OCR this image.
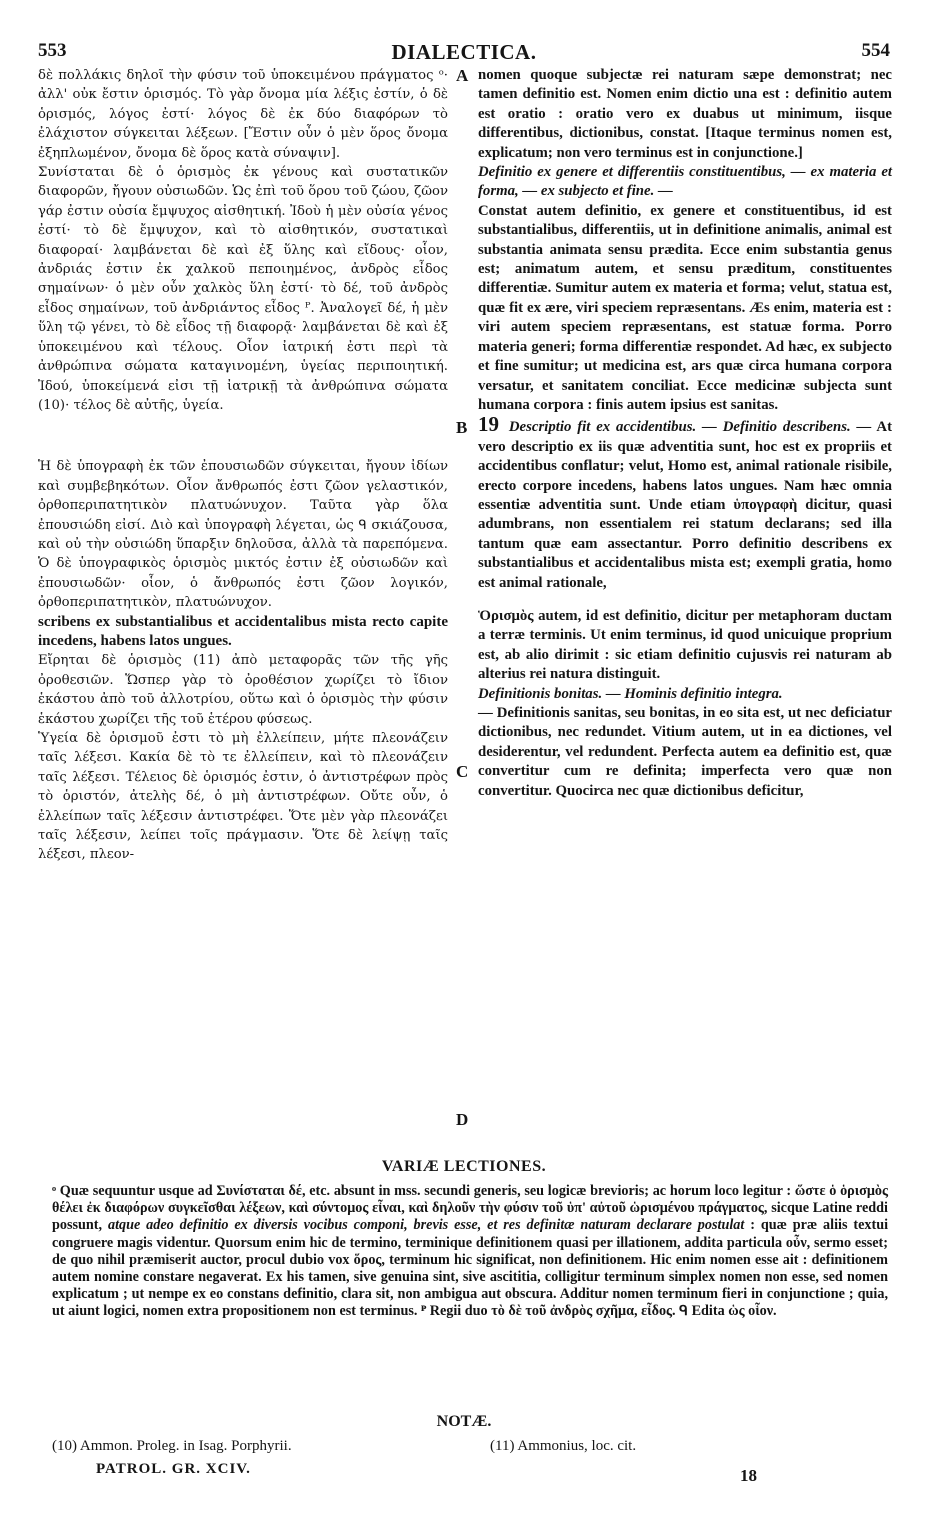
553	DIALECTICA.	554

δὲ πολλάκις δηλοῖ τὴν φύσιν τοῦ ὑποκειμένου πράγματος ᵒ· ἀλλ' οὐκ ἔστιν ὁρισμός. Τὸ γὰρ ὄνομα μία λέξις ἐστίν, ὁ δὲ ὁρισμός, λόγος ἐστί· λόγος δὲ ἐκ δύο διαφόρων τὸ ἐλάχιστον σύγκειται λέξεων. [Ἔστιν οὖν ὁ μὲν ὅρος ὄνομα ἐξηπλωμένον, ὄνομα δὲ ὅρος κατὰ σύναψιν].

Συνίσταται δὲ ὁ ὁρισμὸς ἐκ γένους καὶ συστατικῶν διαφορῶν, ἤγουν οὐσιωδῶν. Ὡς ἐπὶ τοῦ ὅρου τοῦ ζώου, ζῶον γάρ ἐστιν οὐσία ἔμψυχος αἰσθητική. Ἰδοὺ ἡ μὲν οὐσία γένος ἐστί· τὸ δὲ ἔμψυχον, καὶ τὸ αἰσθητικόν, συστατικαὶ διαφοραί· λαμβάνεται δὲ καὶ ἐξ ὕλης καὶ εἴδους· οἷον, ἀνδριάς ἐστιν ἐκ χαλκοῦ πεποιημένος, ἀνδρὸς εἶδος σημαίνων· ὁ μὲν οὖν χαλκὸς ὕλη ἐστί· τὸ δέ, τοῦ ἀνδρὸς εἶδος σημαίνων, τοῦ ἀνδριάντος εἶδος ᴾ. Ἀναλογεῖ δέ, ἡ μὲν ὕλη τῷ γένει, τὸ δὲ εἶδος τῇ διαφορᾷ· λαμβάνεται δὲ καὶ ἐξ ὑποκειμένου καὶ τέλους. Οἷον ἰατρική ἐστι περὶ τὰ ἀνθρώπινα σώματα καταγινομένη, ὑγείας περιποιητική. Ἰδού, ὑποκείμενά εἰσι τῇ ἰατρικῇ τὰ ἀνθρώπινα σώματα (10)· τέλος δὲ αὐτῆς, ὑγεία.

Ἡ δὲ ὑπογραφὴ ἐκ τῶν ἐπουσιωδῶν σύγκειται, ἤγουν ἰδίων καὶ συμβεβηκότων. Οἷον ἄνθρωπός ἐστι ζῶον γελαστικόν, ὀρθοπεριπατητικὸν πλατυώνυχον. Ταῦτα γὰρ ὅλα ἐπουσιώδη εἰσί. Διὸ καὶ ὑπογραφὴ λέγεται, ὡς ᑫ σκιάζουσα, καὶ οὐ τὴν οὐσιώδη ὕπαρξιν δηλοῦσα, ἀλλὰ τὰ παρεπόμενα. Ὁ δὲ ὑπογραφικὸς ὁρισμὸς μικτός ἐστιν ἐξ οὐσιωδῶν καὶ ἐπουσιωδῶν· οἷον, ὁ ἄνθρωπός ἐστι ζῶον λογικόν, ὀρθοπεριπατητικὸν, πλατυώνυχον.

scribens ex substantialibus et accidentalibus mista recto capite incedens, habens latos ungues.

Εἴρηται δὲ ὁρισμὸς (11) ἀπὸ μεταφορᾶς τῶν τῆς γῆς ὀροθεσιῶν. Ὥσπερ γὰρ τὸ ὀροθέσιον χωρίζει τὸ ἴδιον ἑκάστου ἀπὸ τοῦ ἀλλοτρίου, οὕτω καὶ ὁ ὁρισμὸς τὴν φύσιν ἑκάστου χωρίζει τῆς τοῦ ἑτέρου φύσεως.

Ὑγεία δὲ ὁρισμοῦ ἐστι τὸ μὴ ἐλλείπειν, μήτε πλεονάζειν ταῖς λέξεσι. Κακία δὲ τὸ τε ἐλλείπειν, καὶ τὸ πλεονάζειν ταῖς λέξεσι. Τέλειος δὲ ὁρισμός ἐστιν, ὁ ἀντιστρέφων πρὸς τὸ ὁριστόν, ἀτελὴς δέ, ὁ μὴ ἀντιστρέφων. Οὔτε οὖν, ὁ ἐλλείπων ταῖς λέξεσιν ἀντιστρέφει. Ὅτε μὲν γὰρ πλεονάζει ταῖς λέξεσιν, λείπει τοῖς πράγμασιν. Ὅτε δὲ λείψῃ ταῖς λέξεσι, πλεον-

A
B
C
D

nomen quoque subjectæ rei naturam sæpe demonstrat; nec tamen definitio est. Nomen enim dictio una est : definitio autem est oratio : oratio vero ex duabus ut minimum, iisque differentibus, dictionibus, constat. [Itaque terminus nomen est, explicatum; non vero terminus est in conjunctione.]

Definitio ex genere et differentiis constituentibus, — ex materia et forma, — ex subjecto et fine. —

Constat autem definitio, ex genere et constituentibus, id est substantialibus, differentiis, ut in definitione animalis, animal est substantia animata sensu prædita. Ecce enim substantia genus est; animatum autem, et sensu præditum, constituentes differentiæ. Sumitur autem ex materia et forma; velut, statua est, quæ fit ex ære, viri speciem repræsentans. Æs enim, materia est : viri autem speciem repræsentans, est statuæ forma. Porro materia generi; forma differentiæ respondet. Ad hæc, ex subjecto et fine sumitur; ut medicina est, ars quæ circa humana corpora versatur, et sanitatem conciliat. Ecce medicinæ subjecta sunt humana corpora : finis autem ipsius est sanitas.

19 Descriptio fit ex accidentibus. — Definitio describens. — At vero descriptio ex iis quæ adventitia sunt, hoc est ex propriis et accidentibus conflatur; velut, Homo est, animal rationale risibile, erecto corpore incedens, habens latos ungues. Nam hæc omnia essentiæ adventitia sunt. Unde etiam ὑπογραφὴ dicitur, quasi adumbrans, non essentialem rei statum declarans; sed illa tantum quæ eam assectantur. Porro definitio describens ex substantialibus et accidentalibus mista est; exempli gratia, homo est animal rationale,

Ὁρισμὸς autem, id est definitio, dicitur per metaphoram ductam a terræ terminis. Ut enim terminus, id quod unicuique proprium est, ab alio dirimit : sic etiam definitio cujusvis rei naturam ab alterius rei natura distinguit.

Definitionis bonitas. — Hominis definitio integra.

— Definitionis sanitas, seu bonitas, in eo sita est, ut nec deficiatur dictionibus, nec redundet. Vitium autem, ut in ea dictiones, vel desiderentur, vel redundent. Perfecta autem ea definitio est, quæ convertitur cum re definita; imperfecta vero quæ non convertitur. Quocirca nec quæ dictionibus deficitur,

VARIÆ LECTIONES.
ᵒ Quæ sequuntur usque ad Συνίσταται δέ, etc. absunt in mss. secundi generis, seu logicæ brevioris; ac horum loco legitur : ὥστε ὁ ὁρισμὸς θέλει ἐκ διαφόρων συγκεῖσθαι λέξεων, καὶ σύντομος εἶναι, καὶ δηλοῦν τὴν φύσιν τοῦ ὑπ' αὐτοῦ ὡρισμένου πράγματος, sicque Latine reddi possunt, atque adeo definitio ex diversis vocibus componi, brevis esse, et res definitæ naturam declarare postulat : quæ præ aliis textui congruere magis videntur. Quorsum enim hic de termino, terminique definitionem quasi per illationem, addita particula οὖν, sermo esset; de quo nihil præmiserit auctor, procul dubio vox ὅρος, terminum hic significat, non definitionem. Hic enim nomen esse ait : definitionem autem nomine constare negaverat. Ex his tamen, sive genuina sint, sive ascititia, colligitur terminum simplex nomen non esse, sed nomen explicatum ; ut nempe ex eo constans definitio, clara sit, non ambigua aut obscura. Additur nomen terminum fieri in conjunctione ; quia, ut aiunt logici, nomen extra propositionem non est terminus. ᴾ Regii duo τὸ δὲ τοῦ ἀνδρὸς σχῆμα, εἶδος. ᑫ Edita ὡς οἷον.
NOTÆ.
(10) Ammon. Proleg. in Isag. Porphyrii.	(11) Ammonius, loc. cit.
PATROL. GR. XCIV.	18
